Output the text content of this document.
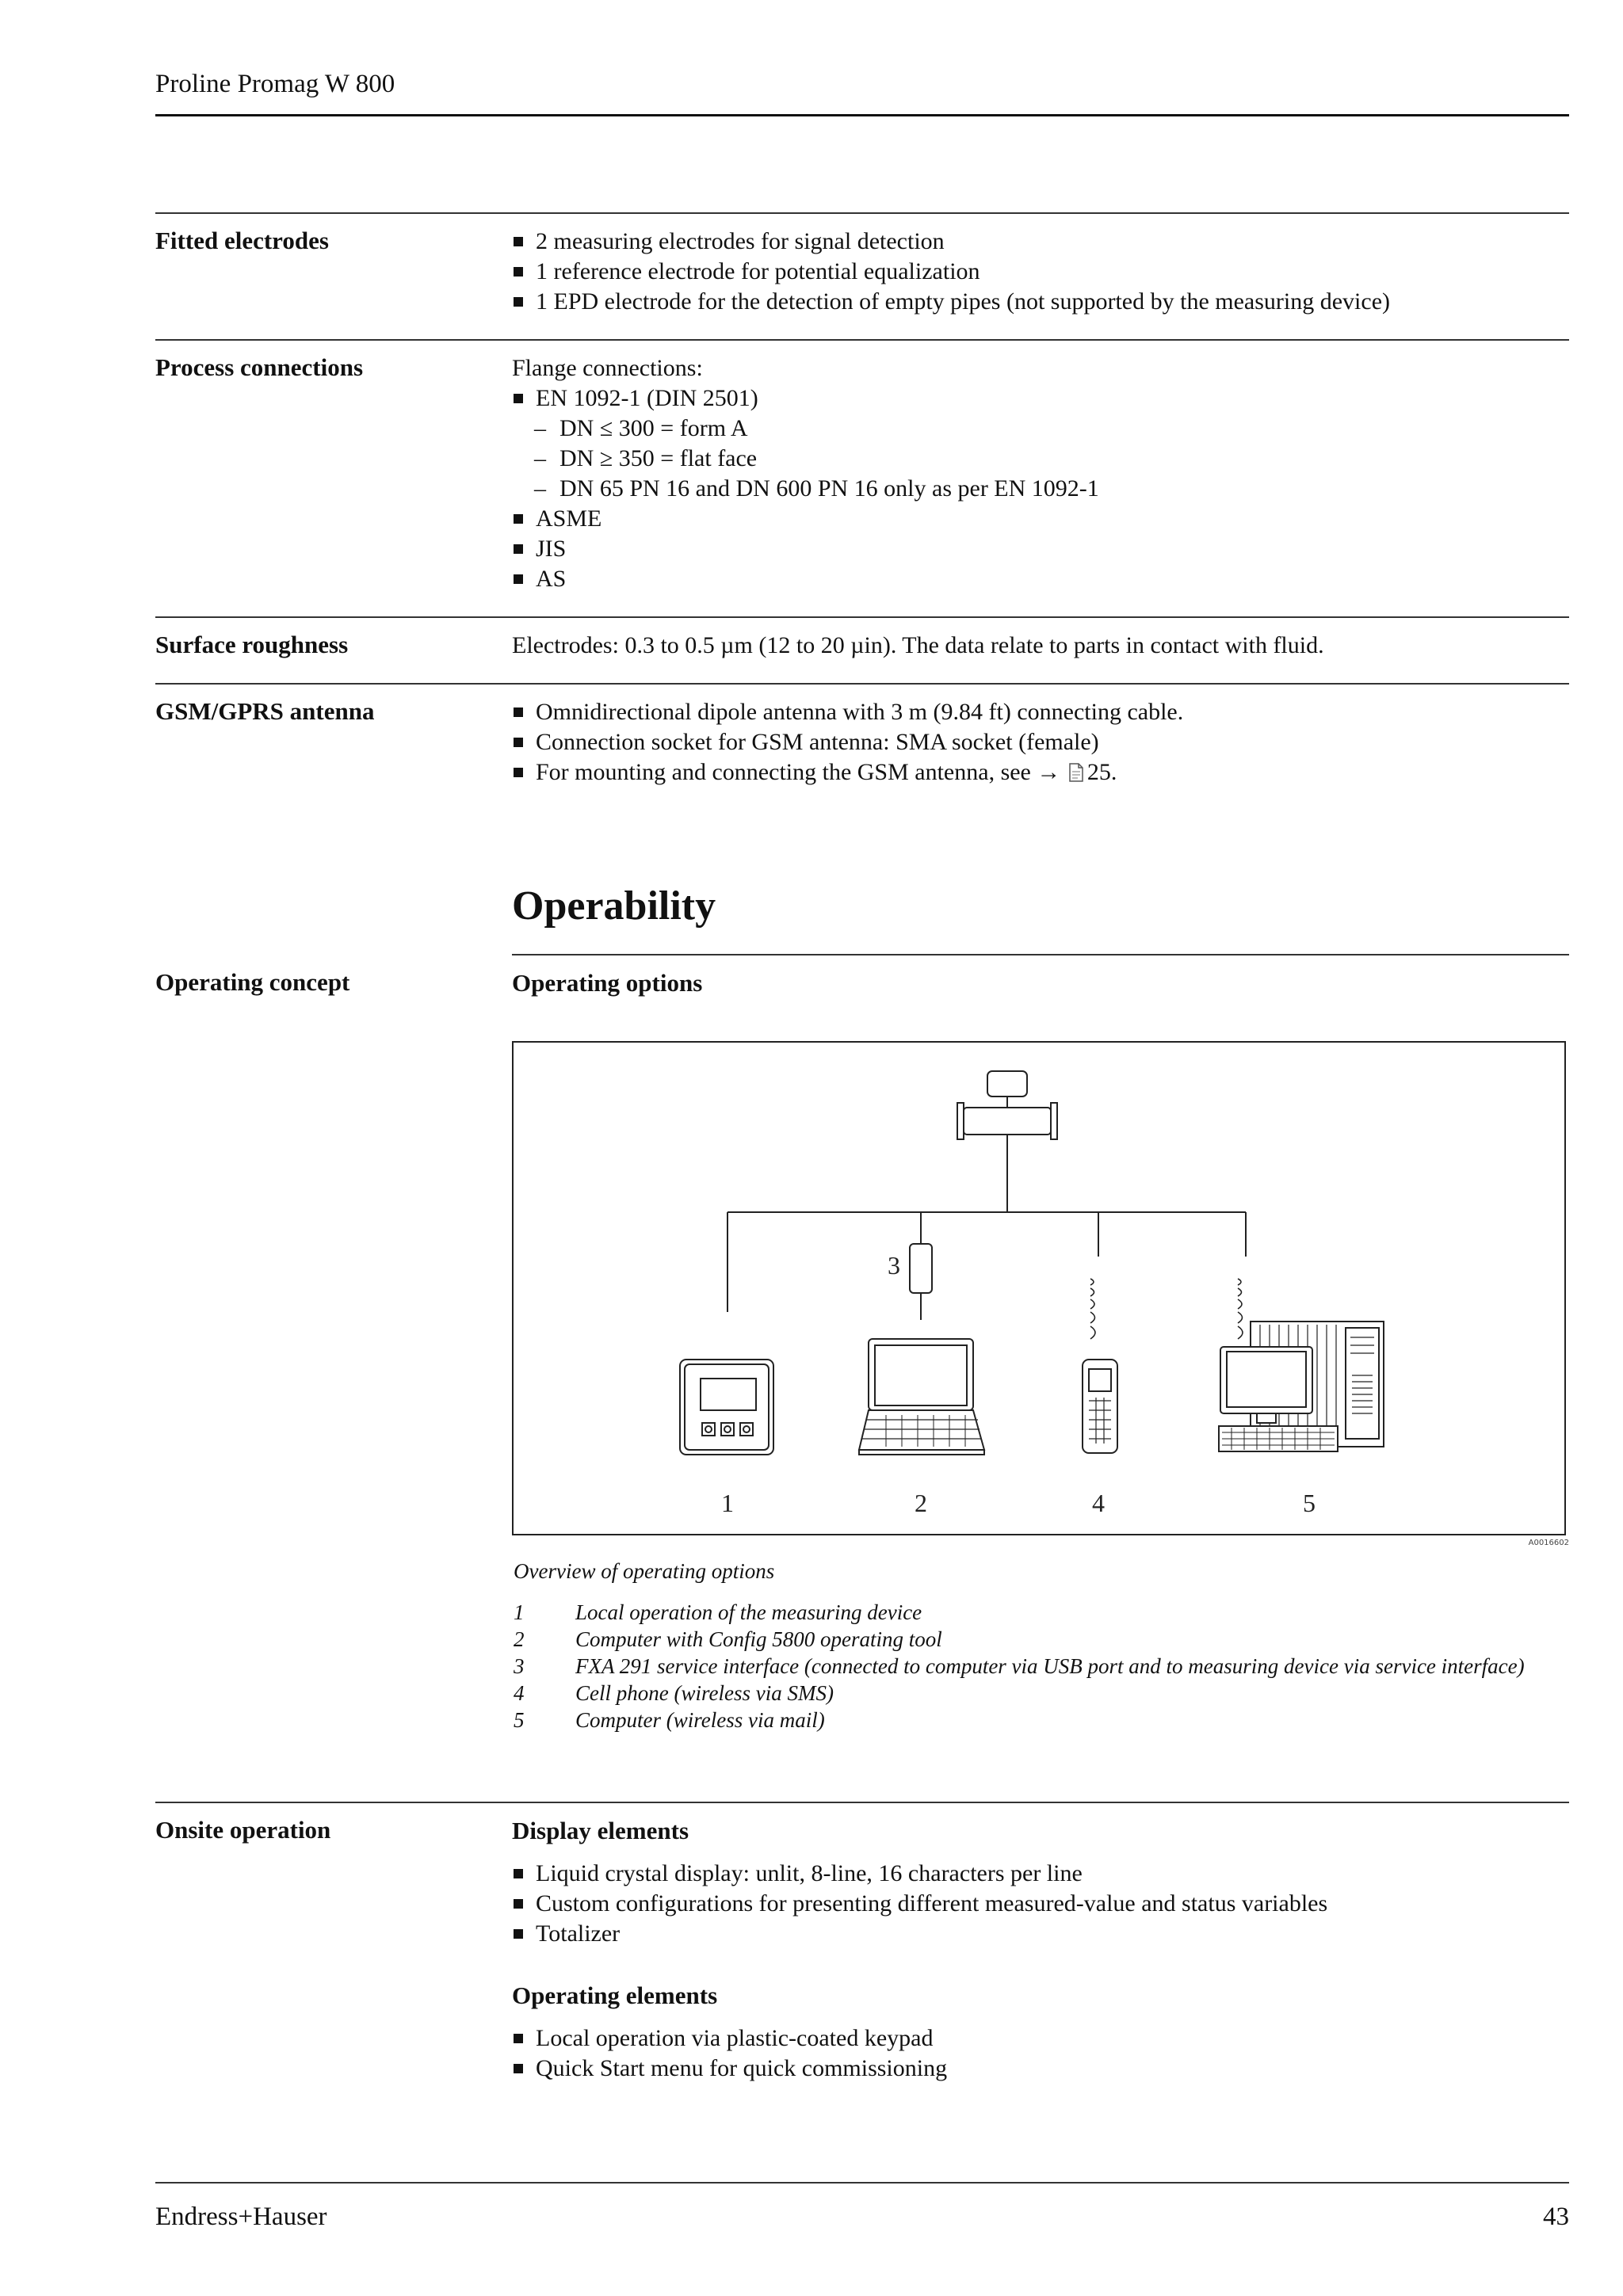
Proline Promag W 800
Fitted electrodes	2 measuring electrodes for signal detection
1 reference electrode for potential equalization
1 EPD electrode for the detection of empty pipes (not supported by the measuring device)
Process connections	Flange connections:
EN 1092-1 (DIN 2501)
– DN ≤ 300 = form A
– DN ≥ 350 = flat face
– DN 65 PN 16 and DN 600 PN 16 only as per EN 1092-1
ASME
JIS
AS
Surface roughness	Electrodes: 0.3 to 0.5 µm (12 to 20 µin). The data relate to parts in contact with fluid.
GSM/GPRS antenna	Omnidirectional dipole antenna with 3 m (9.84 ft) connecting cable.
Connection socket for GSM antenna: SMA socket (female)
For mounting and connecting the GSM antenna, see → 25.
Operability
Operating concept	Operating options
1	2
3
4	5
A0016602
Overview of operating options
1	Local operation of the measuring device
2	Computer with Config 5800 operating tool
3	FXA 291 service interface (connected to computer via USB port and to measuring device via service interface)
4	Cell phone (wireless via SMS)
5	Computer (wireless via mail)
Onsite operation	Display elements
Liquid crystal display: unlit, 8-line, 16 characters per line
Custom configurations for presenting different measured-value and status variables
Totalizer
Operating elements
Local operation via plastic-coated keypad
Quick Start menu for quick commissioning
Endress+Hauser	43
